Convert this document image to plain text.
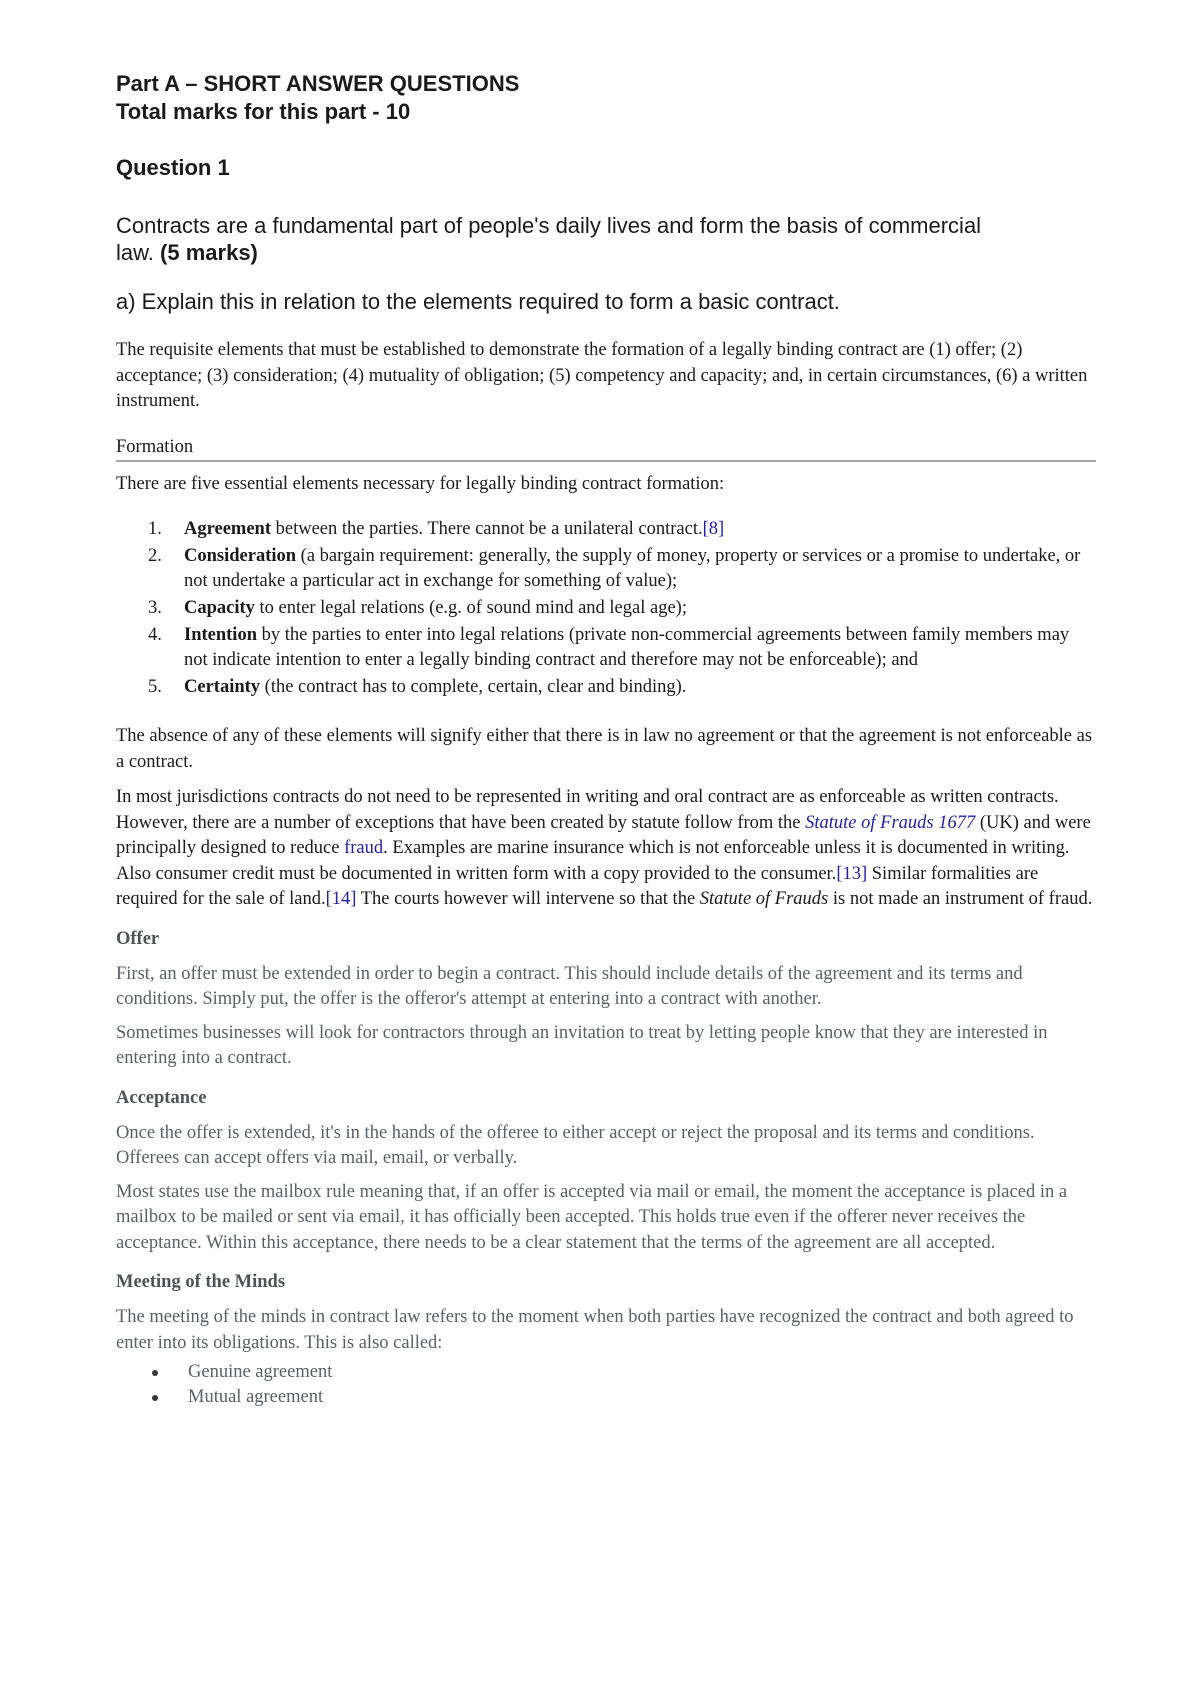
Part A – SHORT ANSWER QUESTIONS
Total marks for this part - 10
Question 1
Contracts are a fundamental part of people's daily lives and form the basis of commercial law. (5 marks)
a) Explain this in relation to the elements required to form a basic contract.

The requisite elements that must be established to demonstrate the formation of a legally binding contract are (1) offer; (2) acceptance; (3) consideration; (4) mutuality of obligation; (5) competency and capacity; and, in certain circumstances, (6) a written instrument.

Formation

There are five essential elements necessary for legally binding contract formation:

1. Agreement between the parties. There cannot be a unilateral contract.[8]
2. Consideration (a bargain requirement: generally, the supply of money, property or services or a promise to undertake, or not undertake a particular act in exchange for something of value);
3. Capacity to enter legal relations (e.g. of sound mind and legal age);
4. Intention by the parties to enter into legal relations (private non-commercial agreements between family members may not indicate intention to enter a legally binding contract and therefore may not be enforceable); and
5. Certainty (the contract has to complete, certain, clear and binding).

The absence of any of these elements will signify either that there is in law no agreement or that the agreement is not enforceable as a contract.

In most jurisdictions contracts do not need to be represented in writing and oral contract are as enforceable as written contracts. However, there are a number of exceptions that have been created by statute follow from the Statute of Frauds 1677 (UK) and were principally designed to reduce fraud. Examples are marine insurance which is not enforceable unless it is documented in writing. Also consumer credit must be documented in written form with a copy provided to the consumer.[13] Similar formalities are required for the sale of land.[14] The courts however will intervene so that the Statute of Frauds is not made an instrument of fraud.

Offer

First, an offer must be extended in order to begin a contract. This should include details of the agreement and its terms and conditions. Simply put, the offer is the offeror's attempt at entering into a contract with another.

Sometimes businesses will look for contractors through an invitation to treat by letting people know that they are interested in entering into a contract.

Acceptance

Once the offer is extended, it's in the hands of the offeree to either accept or reject the proposal and its terms and conditions. Offerees can accept offers via mail, email, or verbally.

Most states use the mailbox rule meaning that, if an offer is accepted via mail or email, the moment the acceptance is placed in a mailbox to be mailed or sent via email, it has officially been accepted. This holds true even if the offerer never receives the acceptance. Within this acceptance, there needs to be a clear statement that the terms of the agreement are all accepted.

Meeting of the Minds

The meeting of the minds in contract law refers to the moment when both parties have recognized the contract and both agreed to enter into its obligations. This is also called:

Genuine agreement
Mutual agreement
